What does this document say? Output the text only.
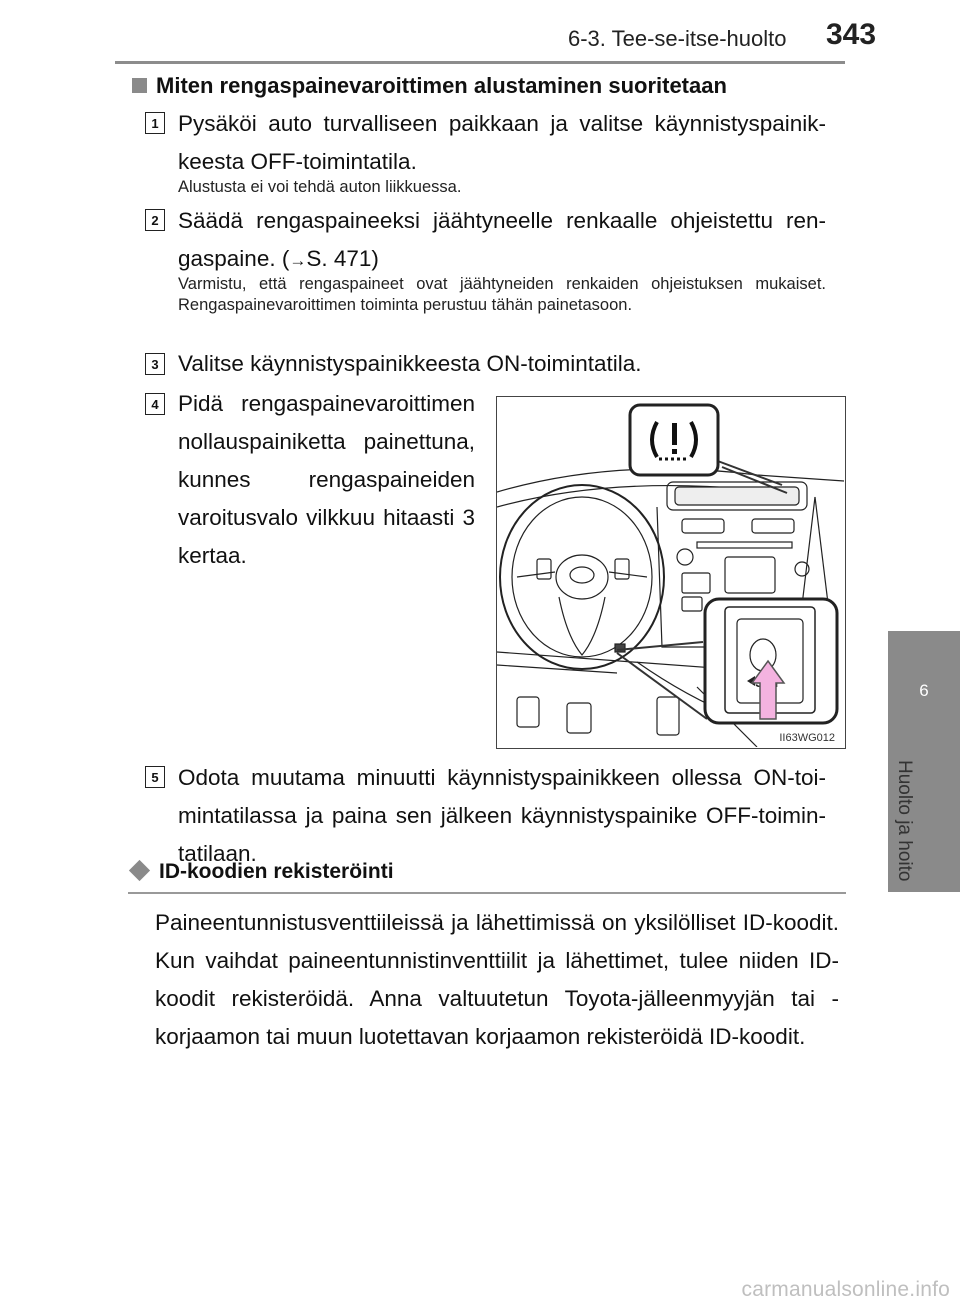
6-3. Tee-se-itse-huolto 343
6
Huolto ja hoito
Miten rengaspainevaroittimen alustaminen suoritetaan
1 Pysäköi auto turvalliseen paikkaan ja valitse käynnistyspainikkeesta OFF-toimintatila.
Alustusta ei voi tehdä auton liikkuessa.
2 Säädä rengaspaineeksi jäähtyneelle renkaalle ohjeistettu rengaspaine. (→S. 471)
Varmistu, että rengaspaineet ovat jäähtyneiden renkaiden ohjeistuksen mukaiset. Rengaspainevaroittimen toiminta perustuu tähän painetasoon.
3 Valitse käynnistyspainikkeesta ON-toimintatila.
4 Pidä rengaspainevaroittimen nollauspainiketta painettuna, kunnes rengaspaineiden varoitusvalo vilkkuu hitaasti 3 kertaa.
II63WG012
5 Odota muutama minuutti käynnistyspainikkeen ollessa ON-toimintatilassa ja paina sen jälkeen käynnistyspainike OFF-toimintatilaan.
ID-koodien rekisteröinti
Paineentunnistusventtiileissä ja lähettimissä on yksilölliset ID-koodit. Kun vaihdat paineentunnistinventtiilit ja lähettimet, tulee niiden ID-koodit rekisteröidä. Anna valtuutetun Toyota-jälleenmyyjän tai -korjaamon tai muun luotettavan korjaamon rekisteröidä ID-koodit.
carmanualsonline.info
